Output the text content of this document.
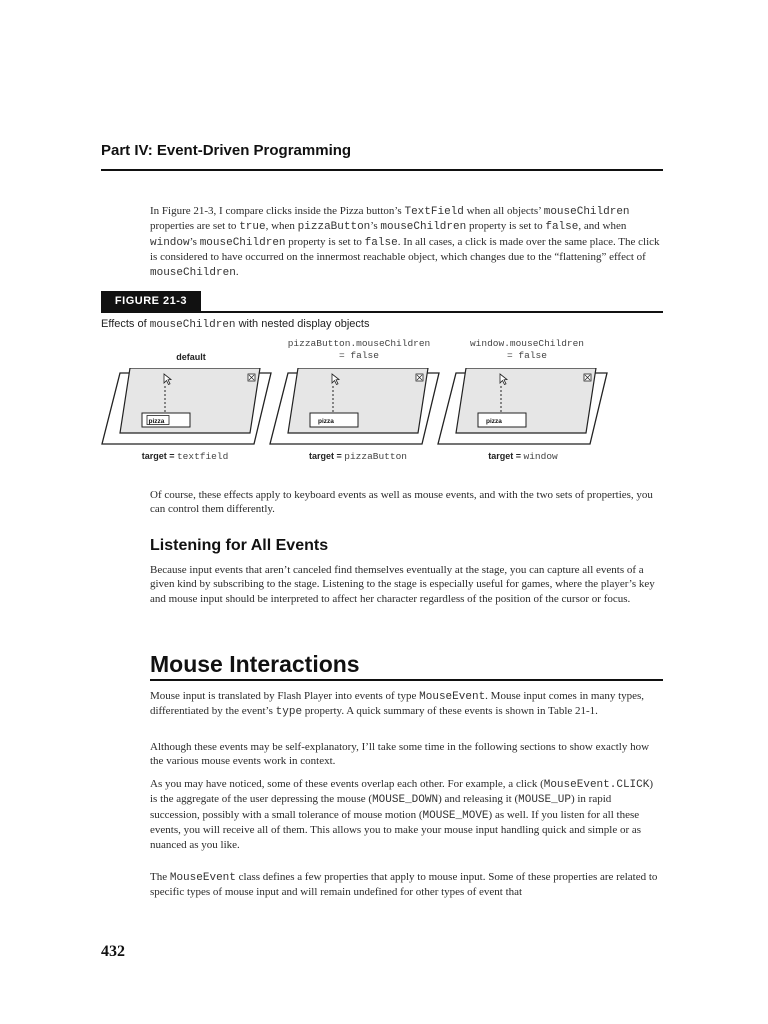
Part IV: Event-Driven Programming

In Figure 21-3, I compare clicks inside the Pizza button’s TextField when all objects’ mouseChildren properties are set to true, when pizzaButton’s mouseChildren property is set to false, and when window’s mouseChildren property is set to false. In all cases, a click is made over the same place. The click is considered to have occurred on the innermost reachable object, which changes due to the “flattening” effect of mouseChildren.

FIGURE 21-3
Effects of mouseChildren with nested display objects
default
pizzaButton.mouseChildren
= false
window.mouseChildren
= false
pizza	pizza	pizza
target = textfield	target = pizzaButton	target = window

Of course, these effects apply to keyboard events as well as mouse events, and with the two sets of properties, you can control them differently.

Listening for All Events

Because input events that aren’t canceled find themselves eventually at the stage, you can capture all events of a given kind by subscribing to the stage. Listening to the stage is especially useful for games, where the player’s key and mouse input should be interpreted to affect her character regardless of the position of the cursor or focus.

Mouse Interactions

Mouse input is translated by Flash Player into events of type MouseEvent. Mouse input comes in many types, differentiated by the event’s type property. A quick summary of these events is shown in Table 21-1.

Although these events may be self-explanatory, I’ll take some time in the following sections to show exactly how the various mouse events work in context.

As you may have noticed, some of these events overlap each other. For example, a click (MouseEvent.CLICK) is the aggregate of the user depressing the mouse (MOUSE_DOWN) and releasing it (MOUSE_UP) in rapid succession, possibly with a small tolerance of mouse motion (MOUSE_MOVE) as well. If you listen for all these events, you will receive all of them. This allows you to make your mouse input handling quick and simple or as nuanced as you like.

The MouseEvent class defines a few properties that apply to mouse input. Some of these properties are related to specific types of mouse input and will remain undefined for other types of event that

432
